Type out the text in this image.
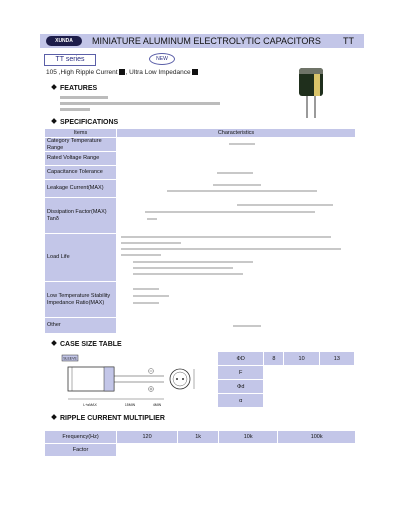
XUNDA	MINIATURE ALUMINUM ELECTROLYTIC CAPACITORS TT
TT series	NEW
105 ,High Ripple Current , Ultra Low Impedance
FEATURES
SPECIFICATIONS
Items	Characteristics
Category Temperature Range	

Rated Voltage Range	
Capacitance Tolerance	

Leakage Current(MAX)	

Dissipation Factor(MAX) Tanδ	

Load Life	

Low Temperature Stability Impedance Ratio(MAX)	

Other	
CASE SIZE TABLE
SLEEVE
L+αMAX	15MIN	4MIN
ΦD	8	10	13
F			
Φd			
α			
RIPPLE CURRENT MULTIPLIER
Frequency(Hz)	120	1k	10k	100k
Factor				
